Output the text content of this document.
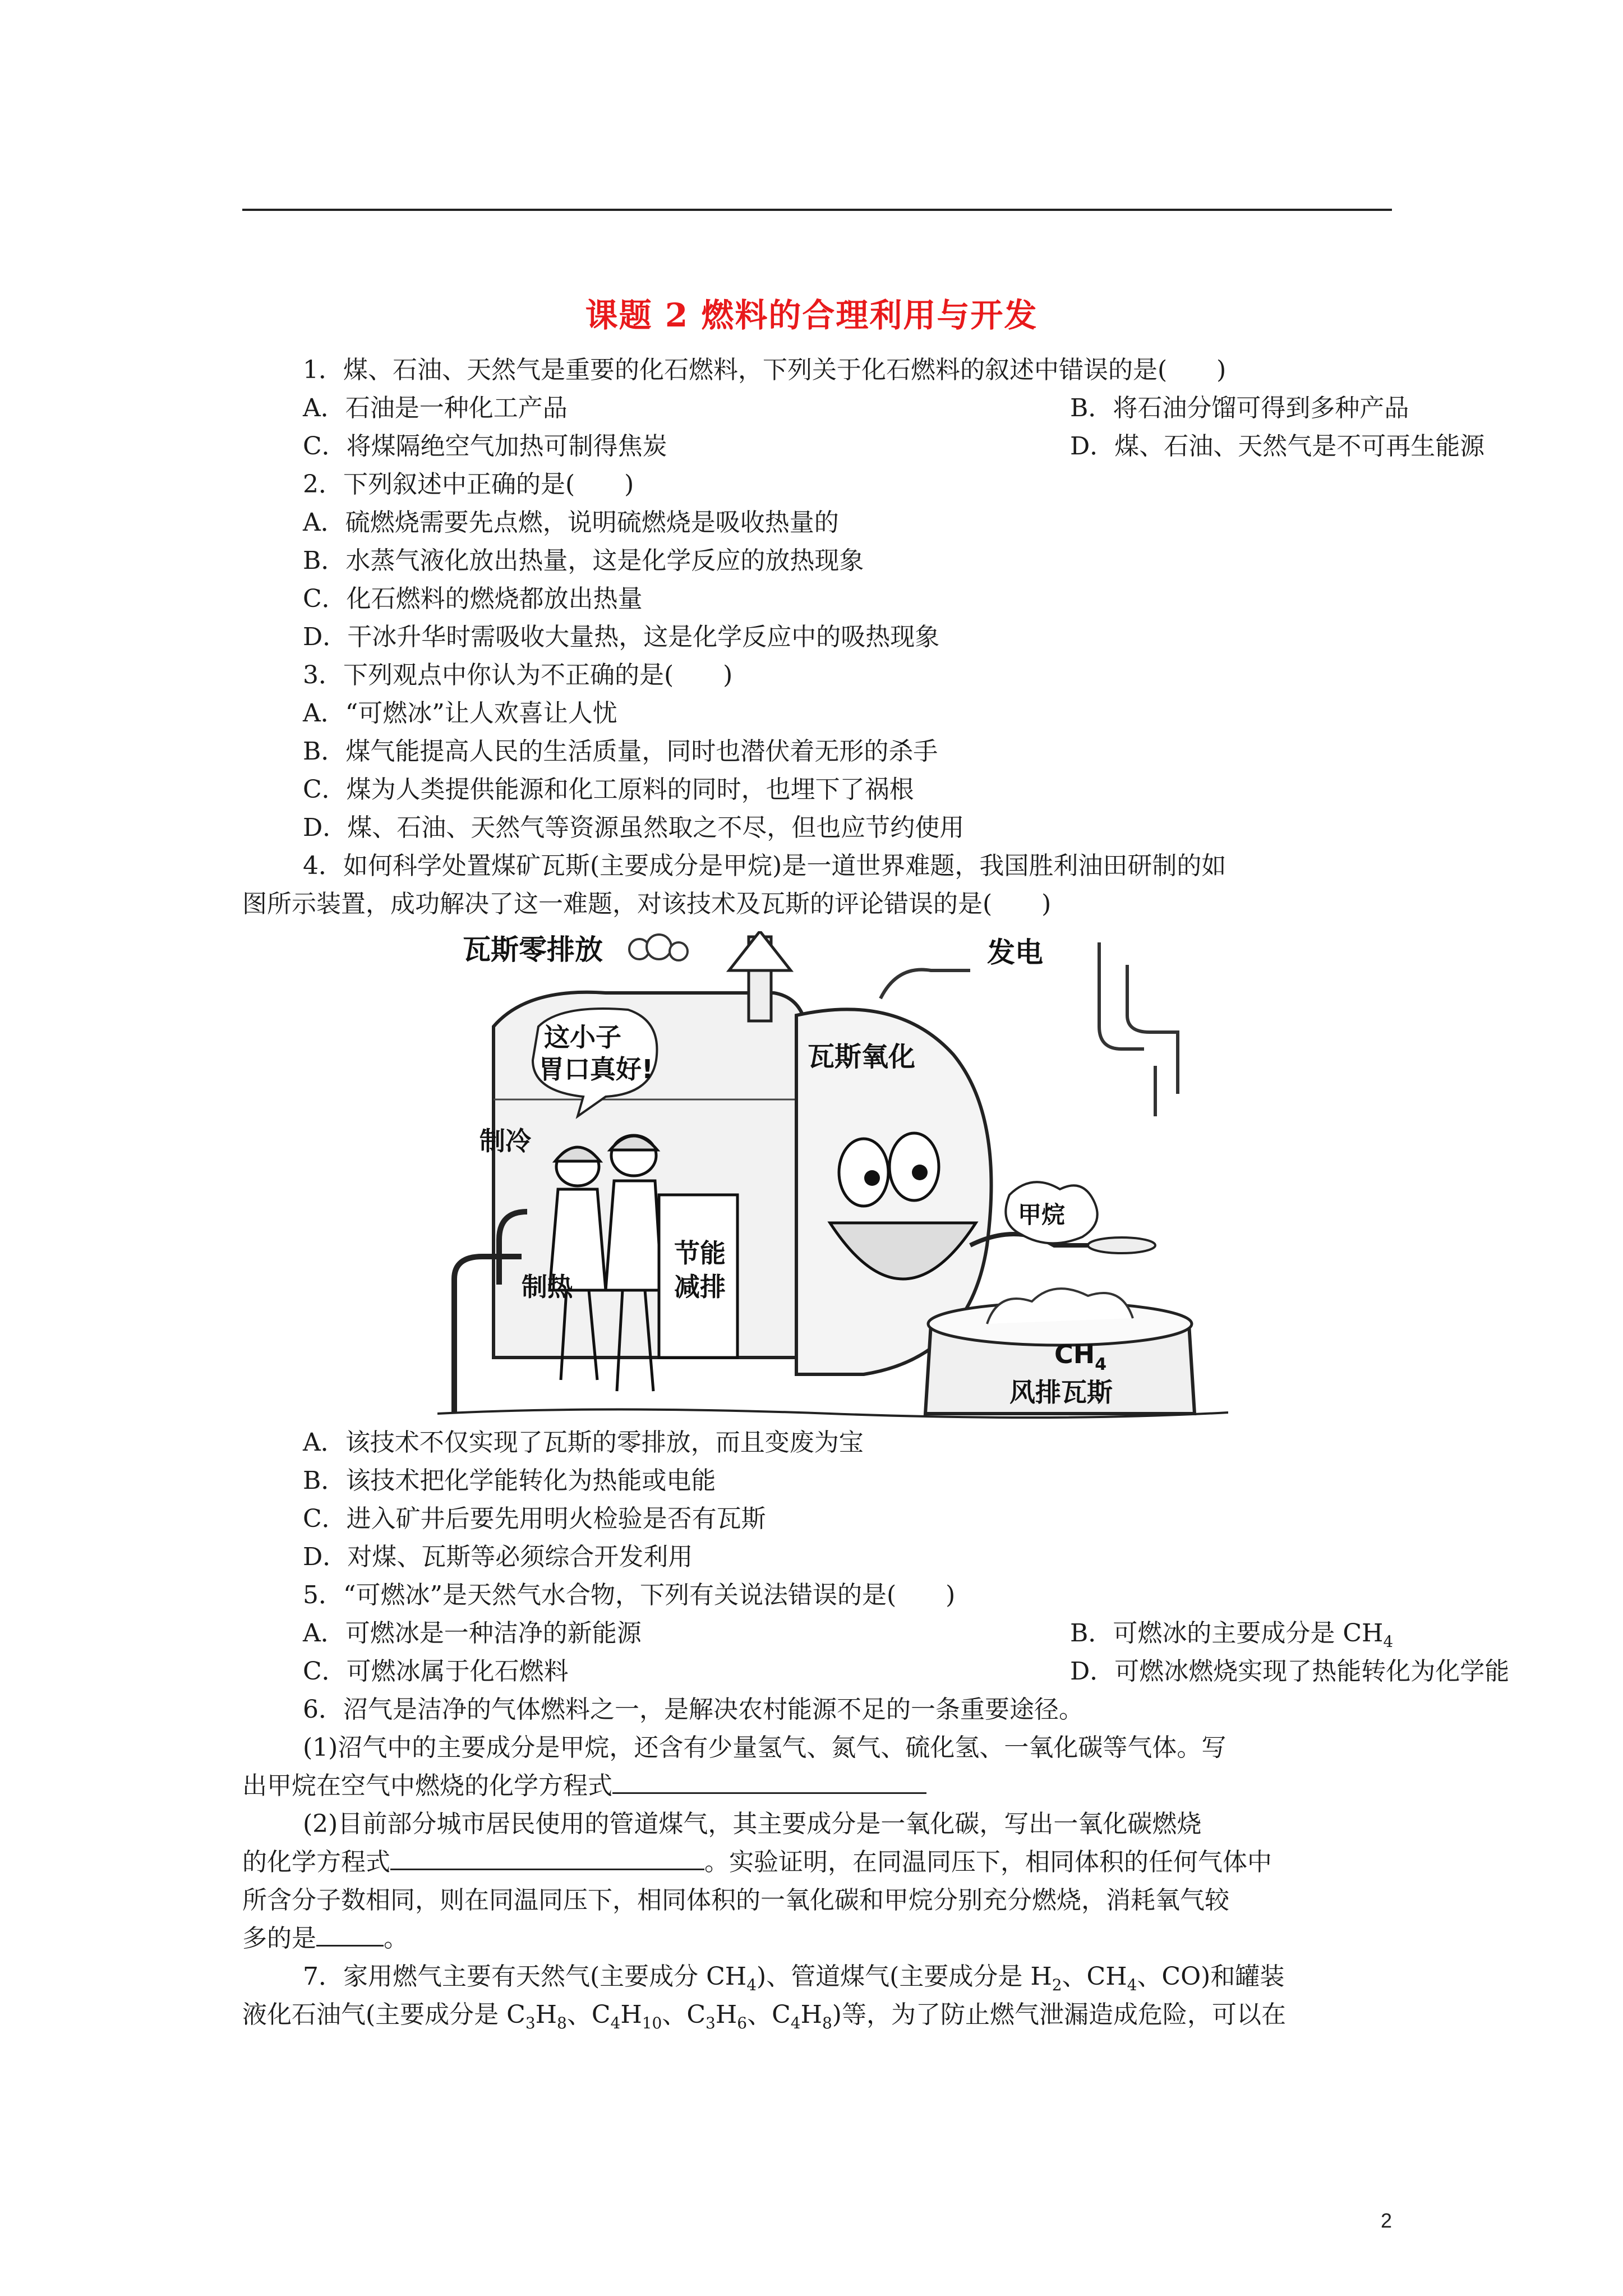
课题 2 燃料的合理利用与开发
1．煤、石油、天然气是重要的化石燃料，下列关于化石燃料的叙述中错误的是(　　)
A．石油是一种化工产品	B．将石油分馏可得到多种产品
C．将煤隔绝空气加热可制得焦炭	D．煤、石油、天然气是不可再生能源
2．下列叙述中正确的是(　　)
A．硫燃烧需要先点燃，说明硫燃烧是吸收热量的
B．水蒸气液化放出热量，这是化学反应的放热现象
C．化石燃料的燃烧都放出热量
D．干冰升华时需吸收大量热，这是化学反应中的吸热现象
3．下列观点中你认为不正确的是(　　)
A．“可燃冰”让人欢喜让人忧
B．煤气能提高人民的生活质量，同时也潜伏着无形的杀手
C．煤为人类提供能源和化工原料的同时，也埋下了祸根
D．煤、石油、天然气等资源虽然取之不尽，但也应节约使用
4．如何科学处置煤矿瓦斯(主要成分是甲烷)是一道世界难题，我国胜利油田研制的如
图所示装置，成功解决了这一难题，对该技术及瓦斯的评论错误的是(　　)
瓦斯零排放	发电
这小子
胃口真好!	瓦斯氧化
制冷
甲烷
节能
减排
制热
$CH_4$
风排瓦斯
A．该技术不仅实现了瓦斯的零排放，而且变废为宝
B．该技术把化学能转化为热能或电能
C．进入矿井后要先用明火检验是否有瓦斯
D．对煤、瓦斯等必须综合开发利用
5．“可燃冰”是天然气水合物，下列有关说法错误的是(　　)
A．可燃冰是一种洁净的新能源	B．可燃冰的主要成分是 $CH_4$
C．可燃冰属于化石燃料	D．可燃冰燃烧实现了热能转化为化学能
6．沼气是洁净的气体燃料之一，是解决农村能源不足的一条重要途径。
(1)沼气中的主要成分是甲烷，还含有少量氢气、氮气、硫化氢、一氧化碳等气体。写
出甲烷在空气中燃烧的化学方程式
(2)目前部分城市居民使用的管道煤气，其主要成分是一氧化碳，写出一氧化碳燃烧
的化学方程式	。实验证明，在同温同压下，相同体积的任何气体中
所含分子数相同，则在同温同压下，相同体积的一氧化碳和甲烷分别充分燃烧，消耗氧气较
多的是	。
7．家用燃气主要有天然气(主要成分 $CH_4$)、管道煤气(主要成分是 $H_2$、$CH_4$、CO)和罐装
液化石油气(主要成分是 $C_3H_8$、$C_4H_{10}$、$C_3H_6$、$C_4H_8$)等，为了防止燃气泄漏造成危险，可以在
2
